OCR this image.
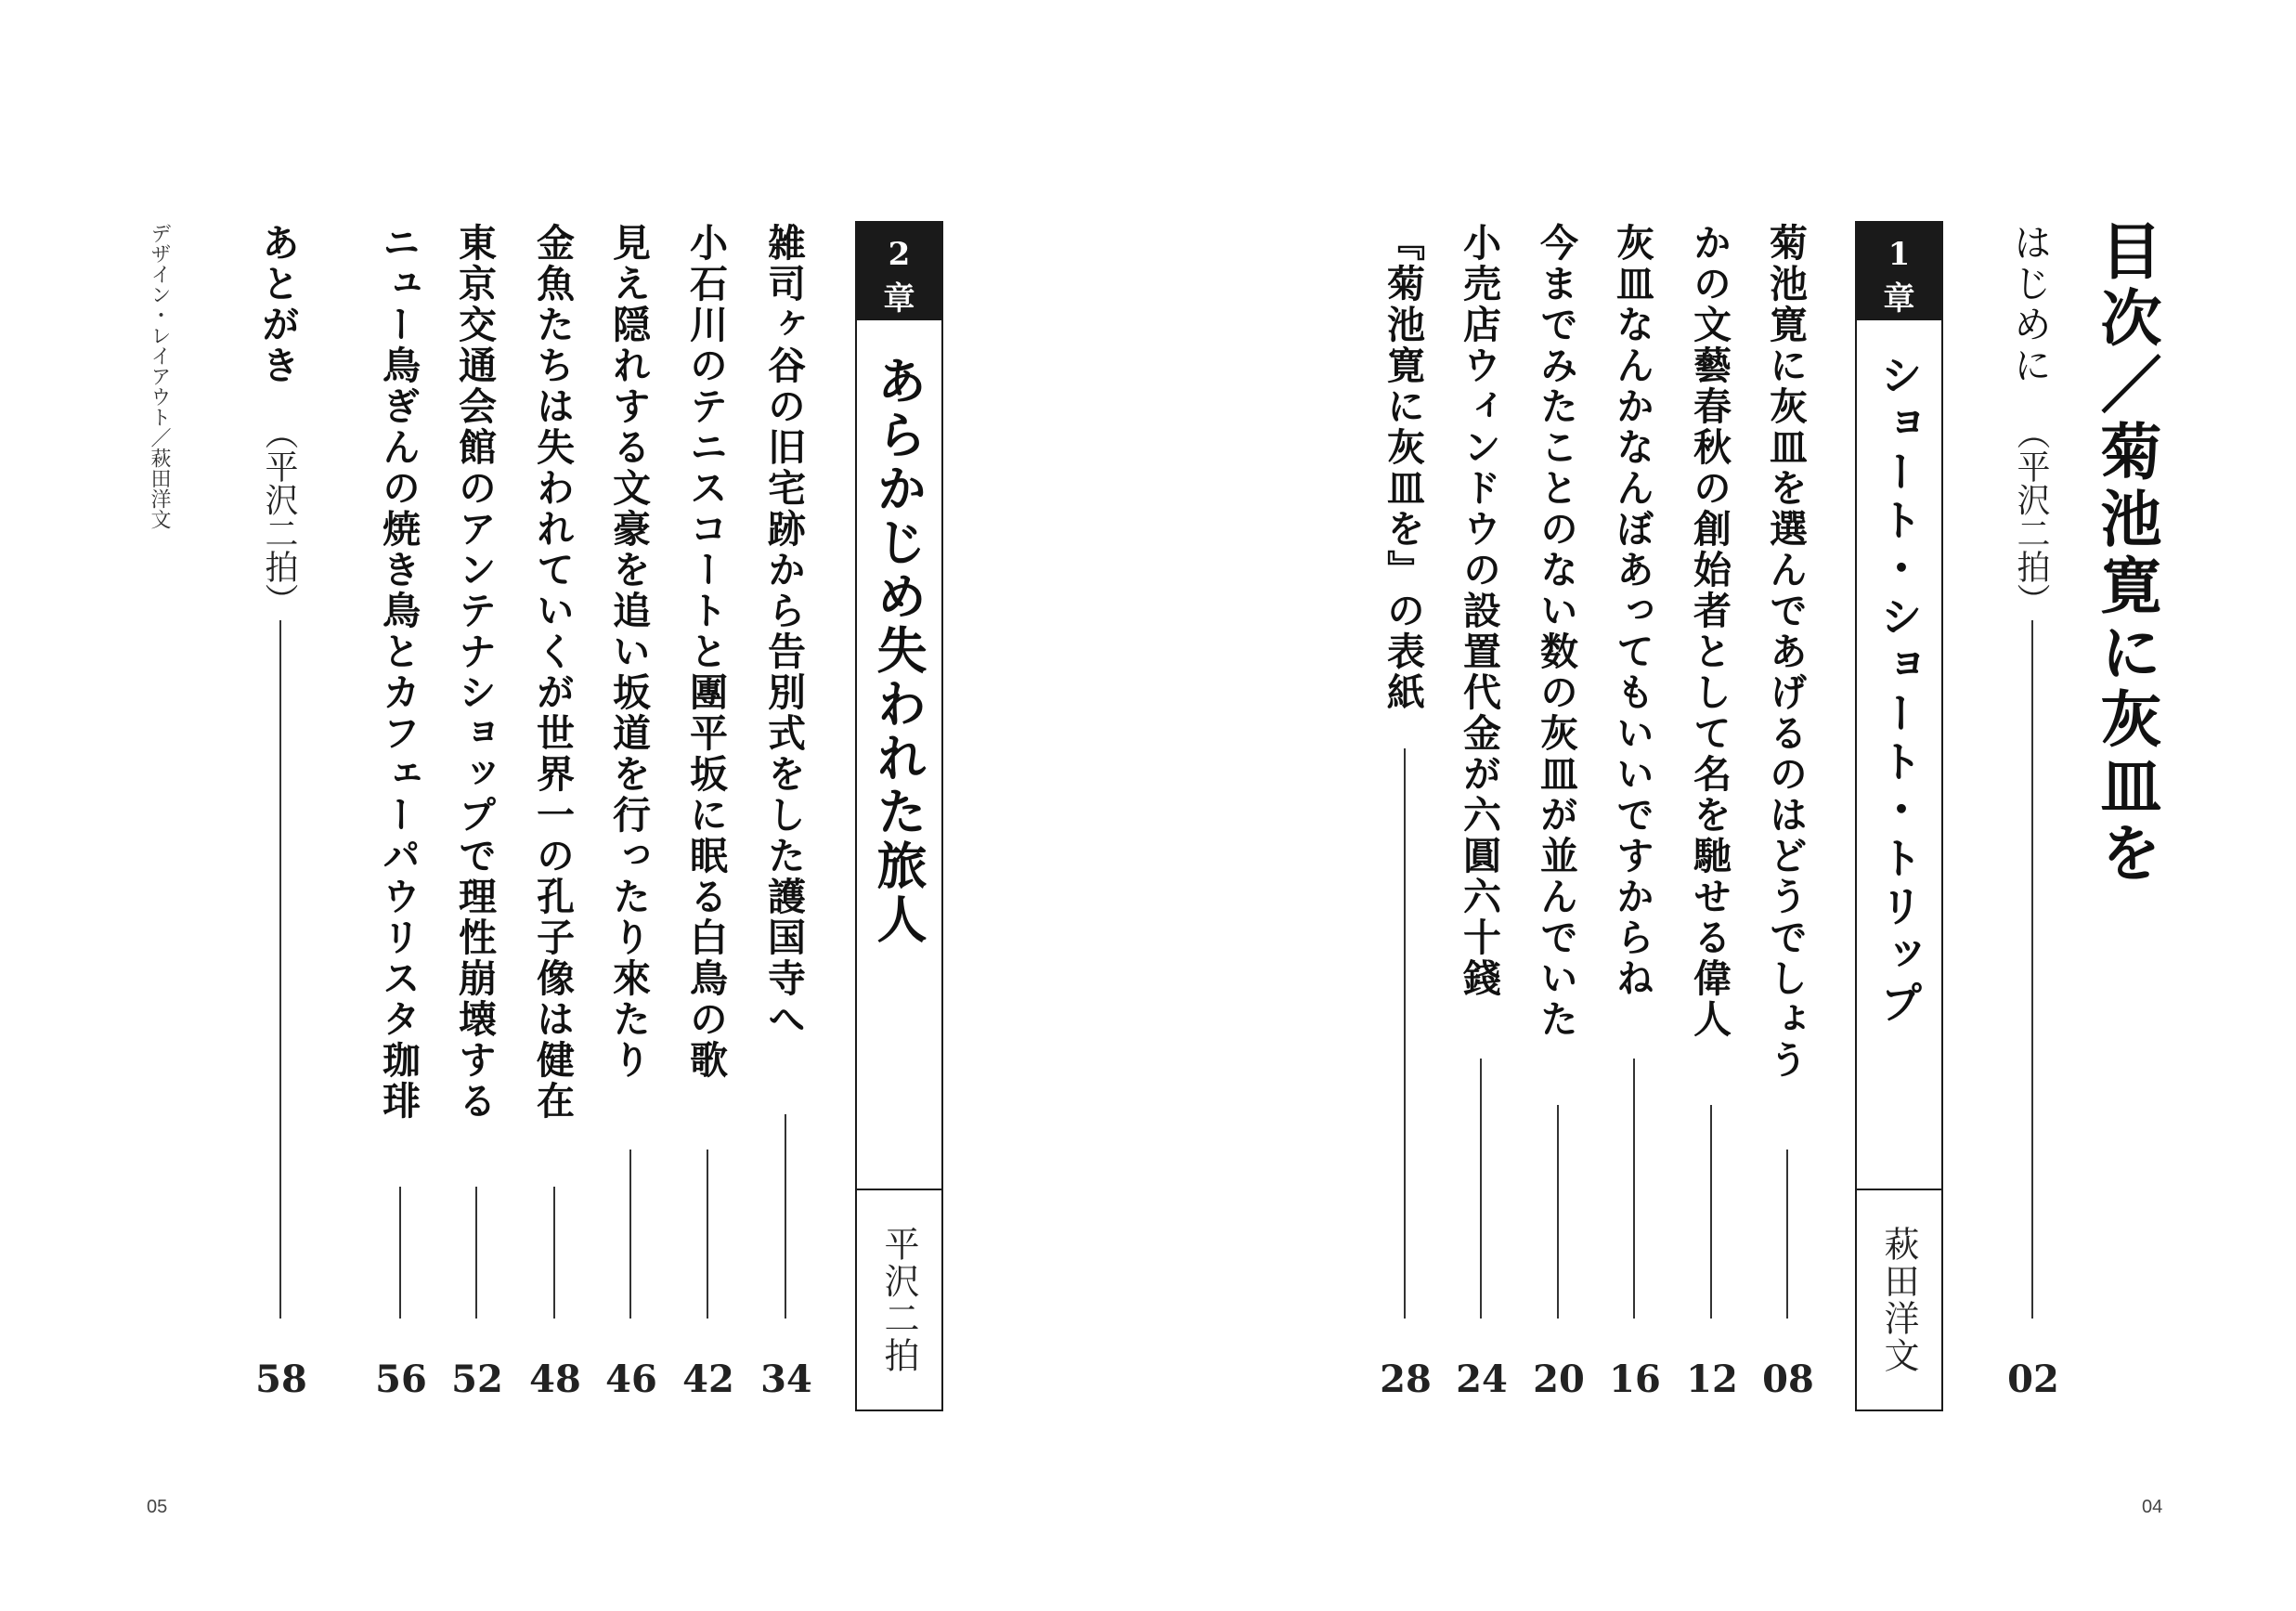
デザイン・レイアウト／萩田洋文 あとがき
（平沢二拍）
58
ニュー鳥ぎんの焼き鳥とカフェーパウリスタ珈琲
56
東京交通会館のアンテナショップで理性崩壊する
52
金魚たちは失われていくが世界一の孔子像は健在
48
見え隠れする文豪を追い坂道を行ったり來たり
46
小石川のテニスコートと團平坂に眠る白鳥の歌
42
雑司ヶ谷の旧宅跡から告別式をした護国寺へ
34
2
章
あらかじめ失われた旅人
平沢二拍
05
『菊池寛に灰皿を』の表紙
28
小売店ウィンドウの設置代金が六圓六十錢
24
今までみたことのない数の灰皿が並んでいた
20
灰皿なんかなんぼあってもいいですからね
16
かの文藝春秋の創始者として名を馳せる偉人
12
菊池寛に灰皿を選んであげるのはどうでしょう
08
1
章
ショート・ショート・トリップ
萩田洋文
はじめに
（平沢二拍）
02
目次／菊池寛に灰皿を
04
